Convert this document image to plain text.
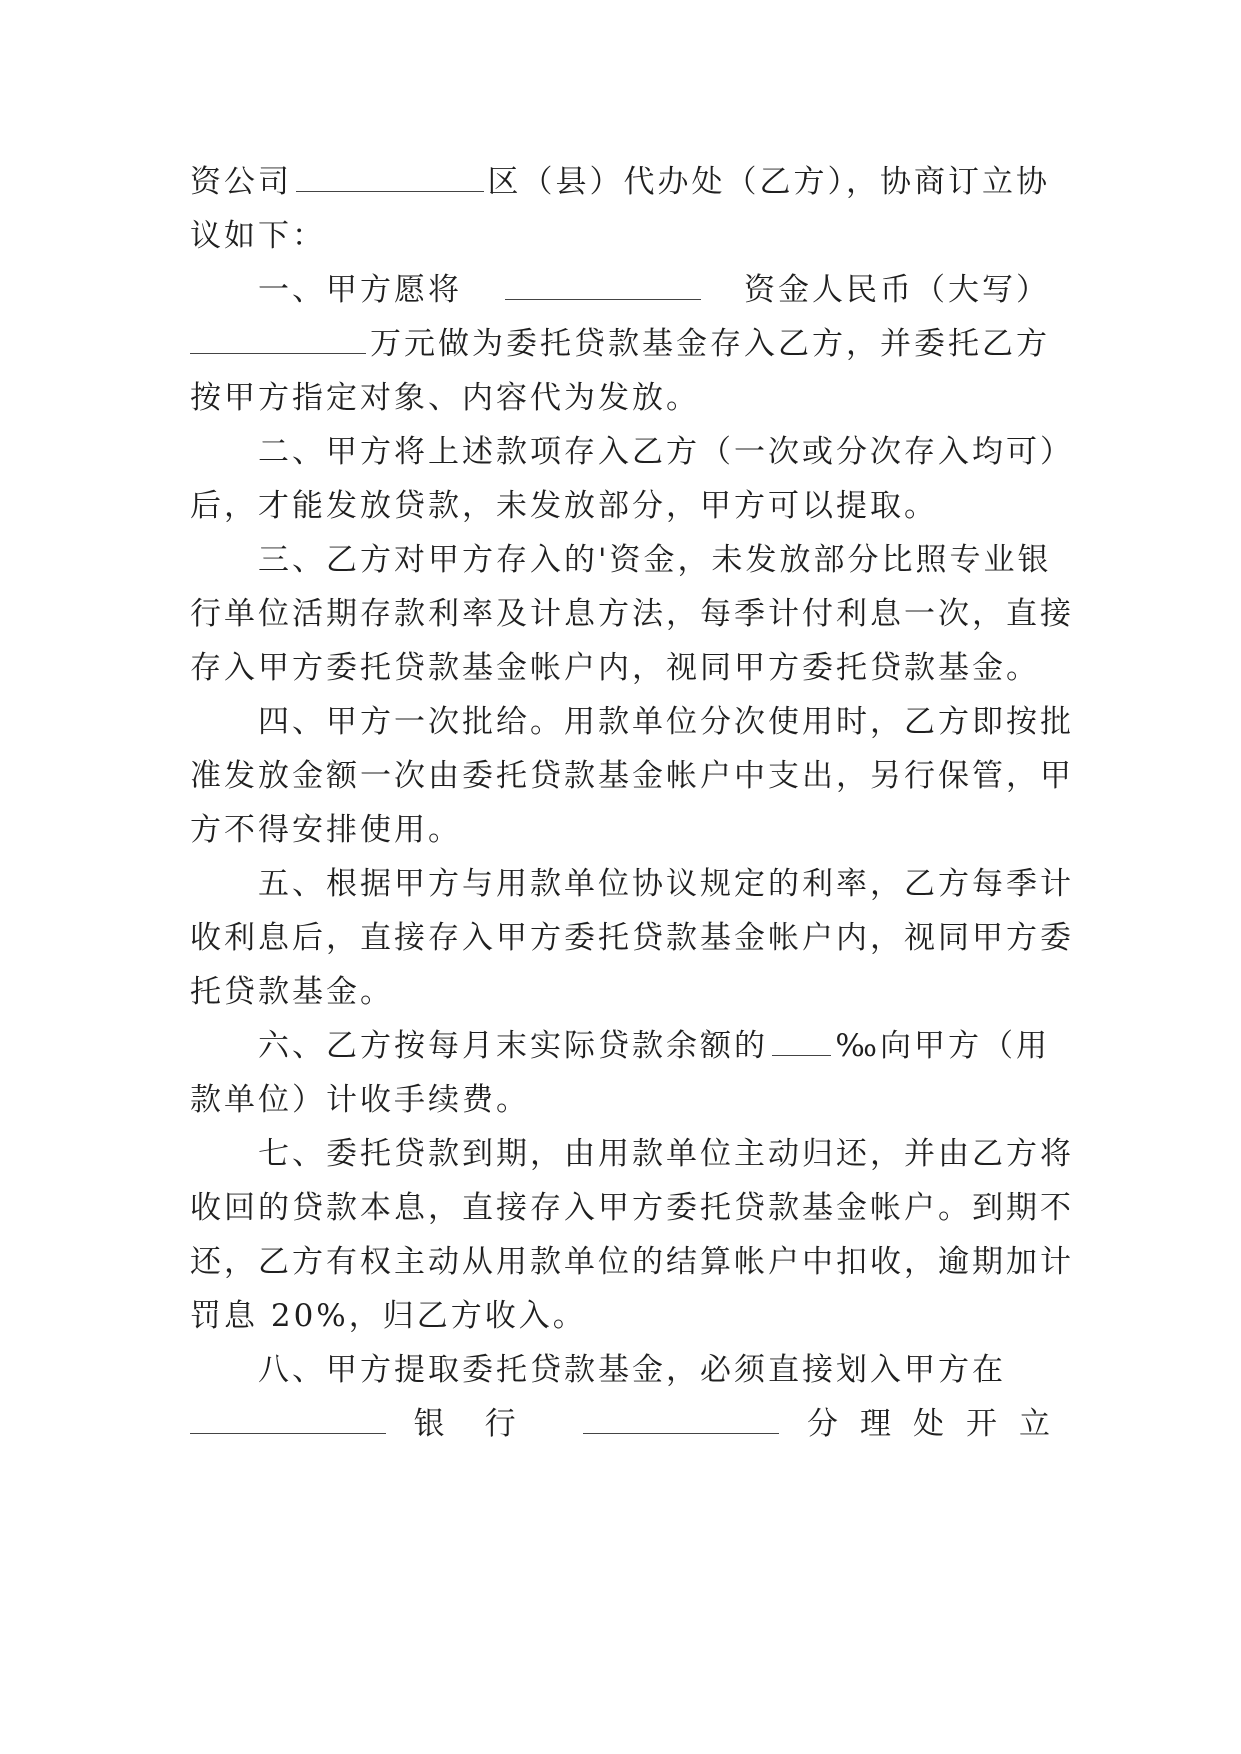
资公司	区（县）代办处（乙方），协商订立协
议如下：
一、甲方愿将	资金人民币（大写）
万元做为委托贷款基金存入乙方，并委托乙方
按甲方指定对象、内容代为发放。
二、甲方将上述款项存入乙方（一次或分次存入均可）
后，才能发放贷款，未发放部分，甲方可以提取。
三、乙方对甲方存入的'资金，未发放部分比照专业银
行单位活期存款利率及计息方法，每季计付利息一次，直接
存入甲方委托贷款基金帐户内，视同甲方委托贷款基金。
四、甲方一次批给。用款单位分次使用时，乙方即按批
准发放金额一次由委托贷款基金帐户中支出，另行保管，甲
方不得安排使用。
五、根据甲方与用款单位协议规定的利率，乙方每季计
收利息后，直接存入甲方委托贷款基金帐户内，视同甲方委
托贷款基金。
六、乙方按每月末实际贷款余额的 ‰向甲方（用
款单位）计收手续费。
七、委托贷款到期，由用款单位主动归还，并由乙方将
收回的贷款本息，直接存入甲方委托贷款基金帐户。到期不
还，乙方有权主动从用款单位的结算帐户中扣收，逾期加计
罚息 20%，归乙方收入。
八、甲方提取委托贷款基金，必须直接划入甲方在
银行	分理处开立
